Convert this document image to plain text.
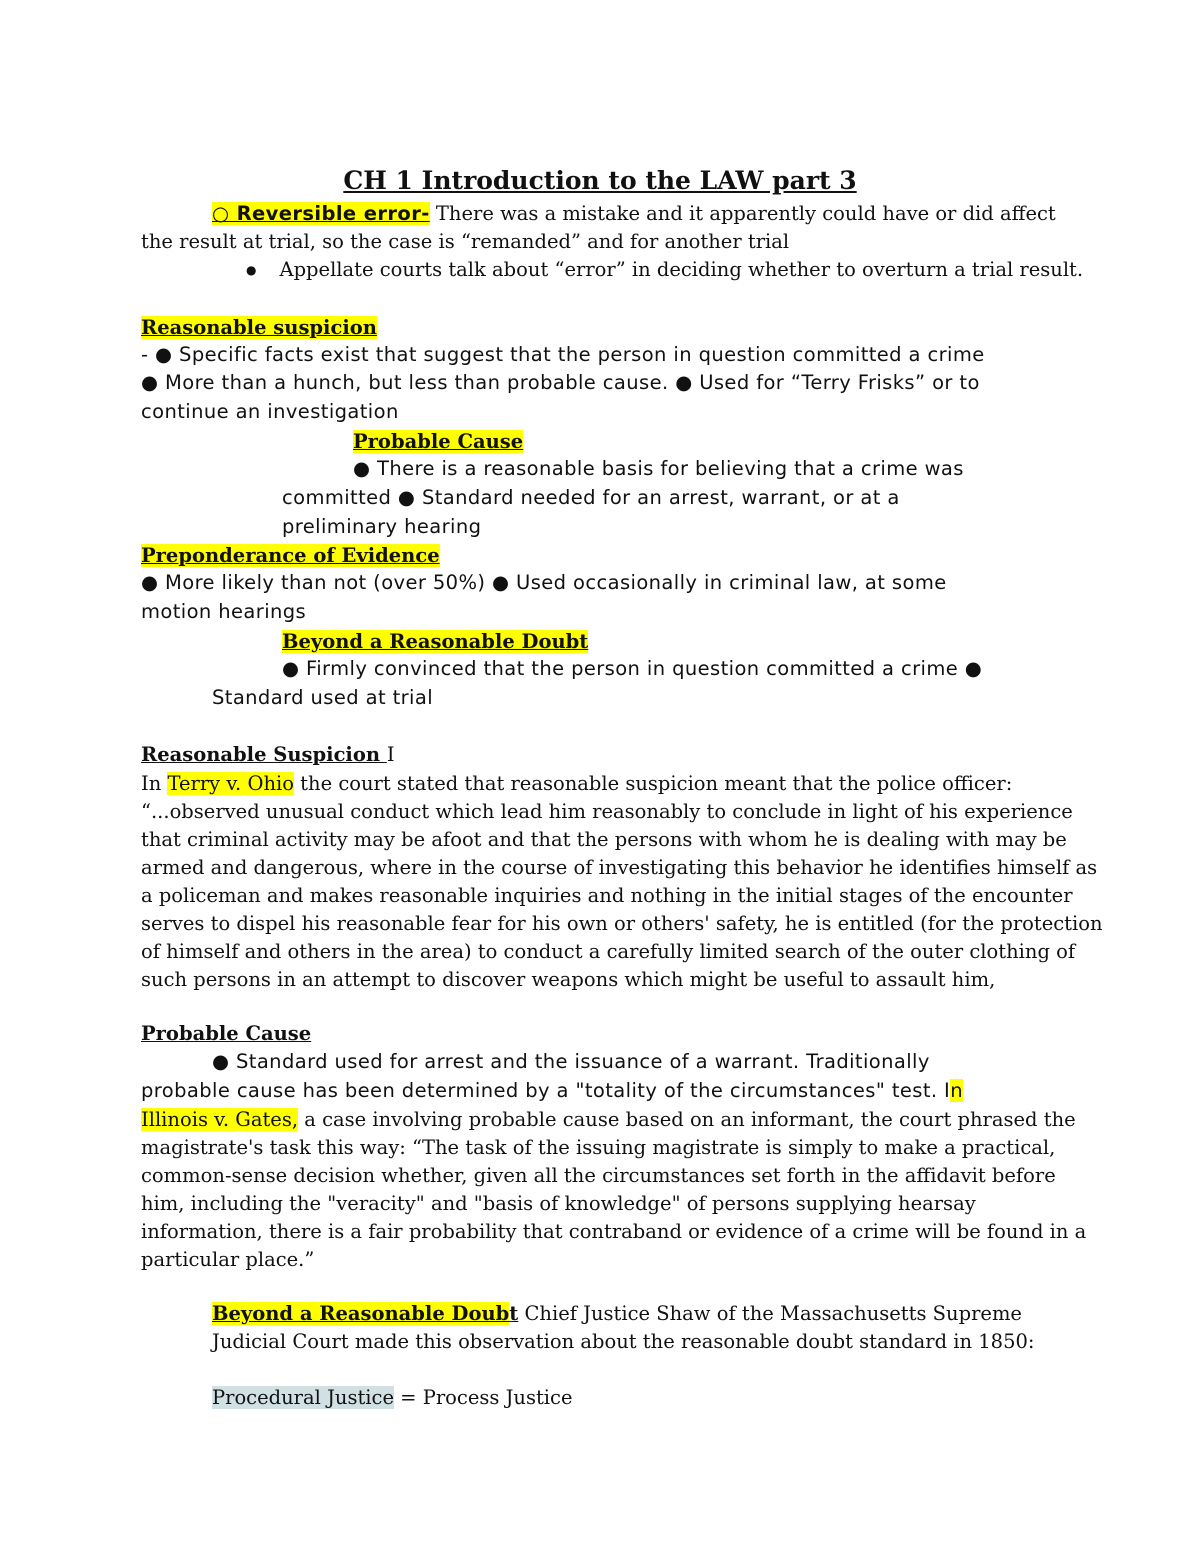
CH 1 Introduction to the LAW part 3
○ Reversible error- There was a mistake and it apparently could have or did affect
the result at trial, so the case is “remanded” and for another trial
● Appellate courts talk about “error” in deciding whether to overturn a trial result.
Reasonable suspicion
- ● Specific facts exist that suggest that the person in question committed a crime
● More than a hunch, but less than probable cause. ● Used for “Terry Frisks” or to
continue an investigation
Probable Cause
● There is a reasonable basis for believing that a crime was
committed ● Standard needed for an arrest, warrant, or at a
preliminary hearing
Preponderance of Evidence
● More likely than not (over 50%) ● Used occasionally in criminal law, at some
motion hearings
Beyond a Reasonable Doubt
● Firmly convinced that the person in question committed a crime ●
Standard used at trial
Reasonable Suspicion I
In Terry v. Ohio the court stated that reasonable suspicion meant that the police officer:
“...observed unusual conduct which lead him reasonably to conclude in light of his experience
that criminal activity may be afoot and that the persons with whom he is dealing with may be
armed and dangerous, where in the course of investigating this behavior he identifies himself as
a policeman and makes reasonable inquiries and nothing in the initial stages of the encounter
serves to dispel his reasonable fear for his own or others' safety, he is entitled (for the protection
of himself and others in the area) to conduct a carefully limited search of the outer clothing of
such persons in an attempt to discover weapons which might be useful to assault him,
Probable Cause
● Standard used for arrest and the issuance of a warrant. Traditionally
probable cause has been determined by a "totality of the circumstances" test. In
Illinois v. Gates, a case involving probable cause based on an informant, the court phrased the
magistrate's task this way: “The task of the issuing magistrate is simply to make a practical,
common-sense decision whether, given all the circumstances set forth in the affidavit before
him, including the "veracity" and "basis of knowledge" of persons supplying hearsay
information, there is a fair probability that contraband or evidence of a crime will be found in a
particular place.”
Beyond a Reasonable Doubt Chief Justice Shaw of the Massachusetts Supreme
Judicial Court made this observation about the reasonable doubt standard in 1850:
Procedural Justice = Process Justice
